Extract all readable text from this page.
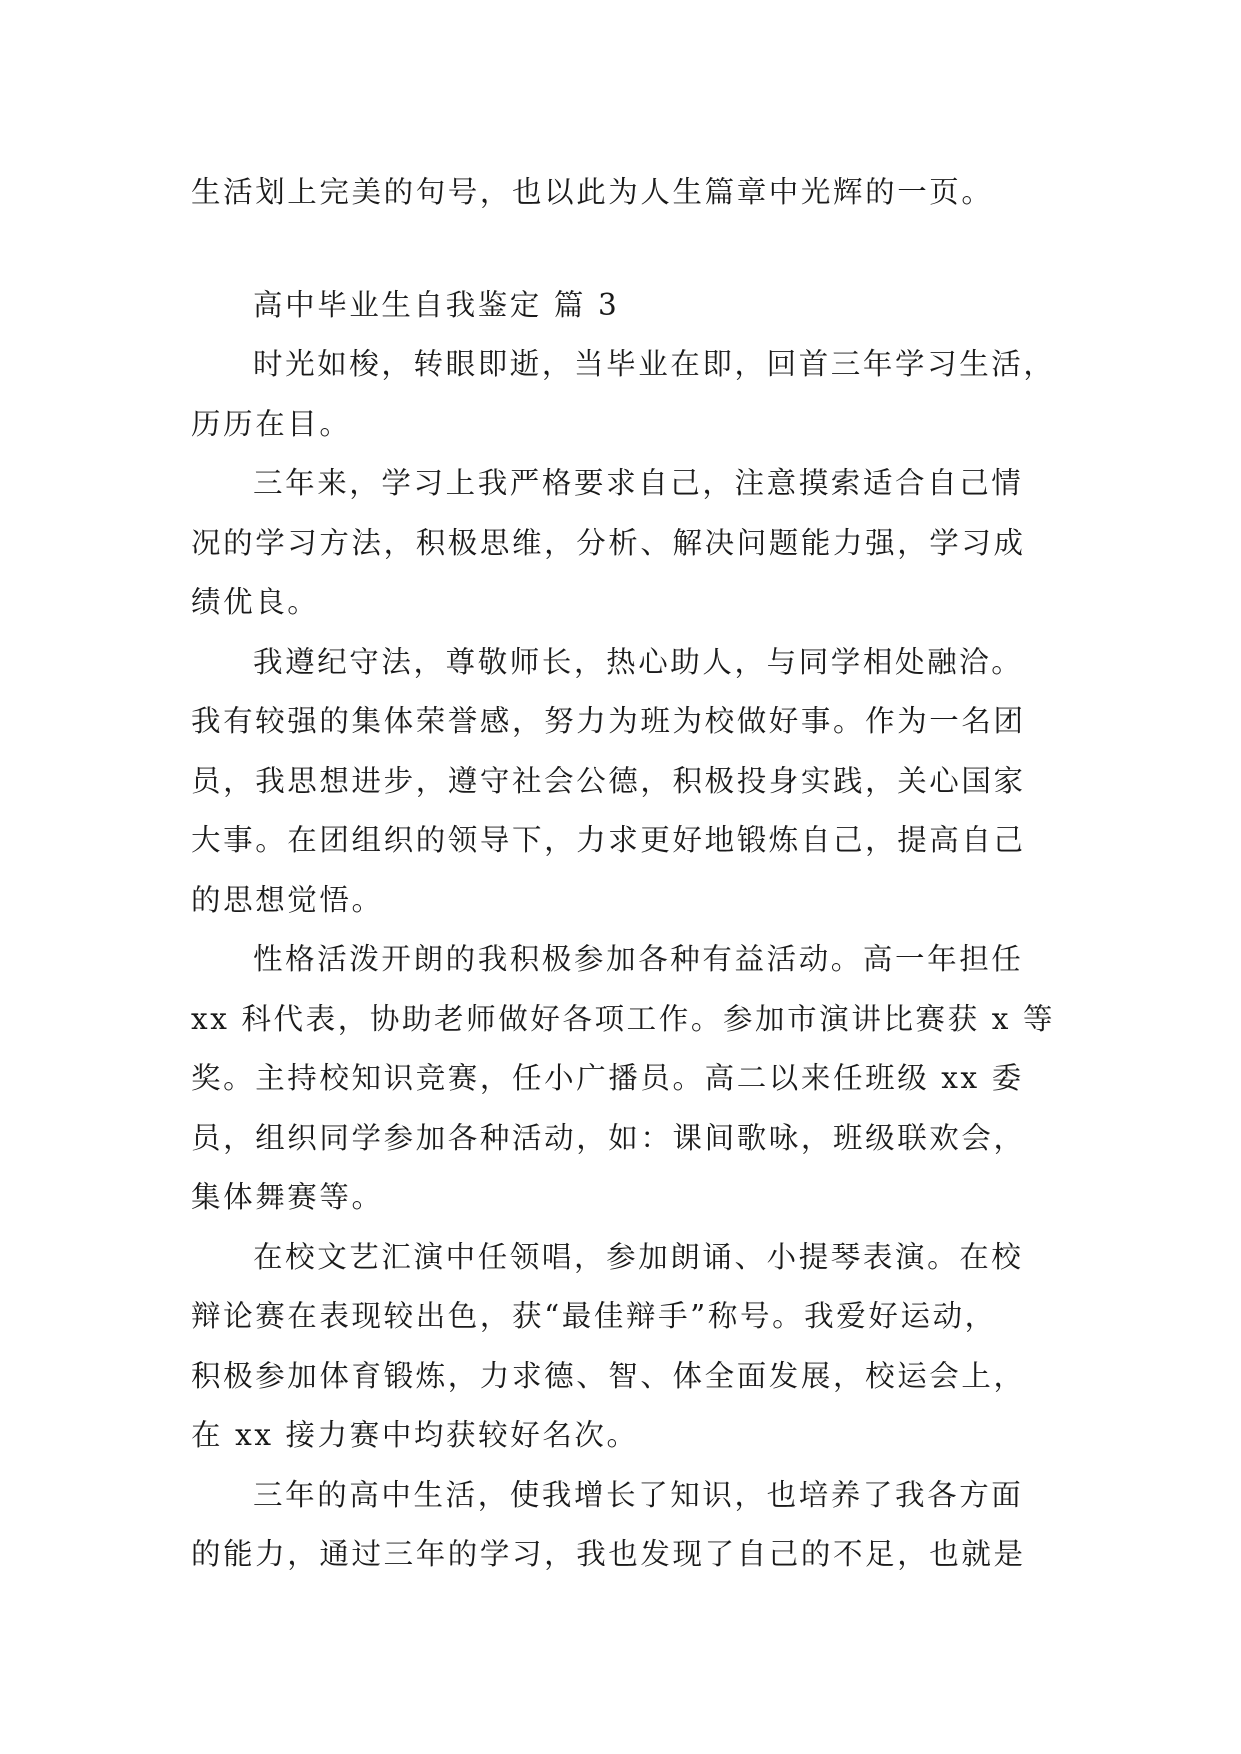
生活划上完美的句号，也以此为人生篇章中光辉的一页。
高中毕业生自我鉴定 篇 3
时光如梭，转眼即逝，当毕业在即，回首三年学习生活，
历历在目。
三年来，学习上我严格要求自己，注意摸索适合自己情
况的学习方法，积极思维，分析、解决问题能力强，学习成
绩优良。
我遵纪守法，尊敬师长，热心助人，与同学相处融洽。
我有较强的集体荣誉感，努力为班为校做好事。作为一名团
员，我思想进步，遵守社会公德，积极投身实践，关心国家
大事。在团组织的领导下，力求更好地锻炼自己，提高自己
的思想觉悟。
性格活泼开朗的我积极参加各种有益活动。高一年担任
xx 科代表，协助老师做好各项工作。参加市演讲比赛获 x 等
奖。主持校知识竞赛，任小广播员。高二以来任班级 xx 委
员，组织同学参加各种活动，如：课间歌咏，班级联欢会，
集体舞赛等。
在校文艺汇演中任领唱，参加朗诵、小提琴表演。在校
辩论赛在表现较出色，获“最佳辩手”称号。我爱好运动，
积极参加体育锻炼，力求德、智、体全面发展，校运会上，
在 xx 接力赛中均获较好名次。
三年的高中生活，使我增长了知识，也培养了我各方面
的能力，通过三年的学习，我也发现了自己的不足，也就是
